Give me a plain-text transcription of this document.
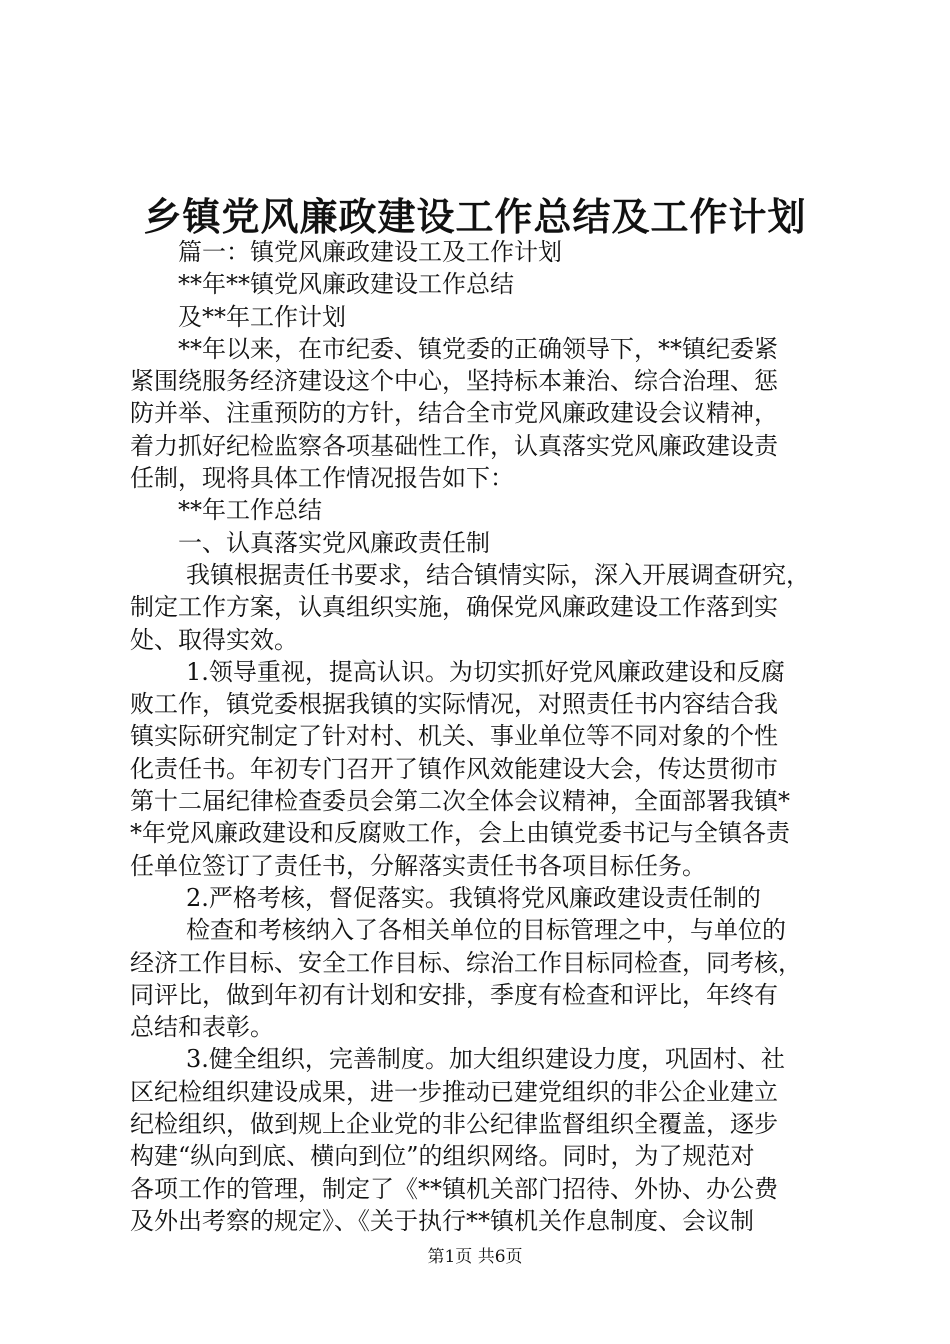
乡镇党风廉政建设工作总结及工作计划
篇一：镇党风廉政建设工及工作计划
**年**镇党风廉政建设工作总结
及**年工作计划
**年以来，在市纪委、镇党委的正确领导下，**镇纪委紧
紧围绕服务经济建设这个中心，坚持标本兼治、综合治理、惩
防并举、注重预防的方针，结合全市党风廉政建设会议精神，
着力抓好纪检监察各项基础性工作，认真落实党风廉政建设责
任制，现将具体工作情况报告如下：
**年工作总结
一、认真落实党风廉政责任制
我镇根据责任书要求，结合镇情实际，深入开展调查研究，
制定工作方案，认真组织实施，确保党风廉政建设工作落到实
处、取得实效。
1.领导重视，提高认识。为切实抓好党风廉政建设和反腐
败工作，镇党委根据我镇的实际情况，对照责任书内容结合我
镇实际研究制定了针对村、机关、事业单位等不同对象的个性
化责任书。年初专门召开了镇作风效能建设大会，传达贯彻市
第十二届纪律检查委员会第二次全体会议精神，全面部署我镇*
*年党风廉政建设和反腐败工作，会上由镇党委书记与全镇各责
任单位签订了责任书，分解落实责任书各项目标任务。
2.严格考核，督促落实。我镇将党风廉政建设责任制的
检查和考核纳入了各相关单位的目标管理之中，与单位的
经济工作目标、安全工作目标、综治工作目标同检查，同考核，
同评比，做到年初有计划和安排，季度有检查和评比，年终有
总结和表彰。
3.健全组织，完善制度。加大组织建设力度，巩固村、社
区纪检组织建设成果，进一步推动已建党组织的非公企业建立
纪检组织，做到规上企业党的非公纪律监督组织全覆盖，逐步
构建“纵向到底、横向到位”的组织网络。同时，为了规范对
各项工作的管理，制定了《**镇机关部门招待、外协、办公费
及外出考察的规定》、《关于执行**镇机关作息制度、会议制
第1页 共6页
